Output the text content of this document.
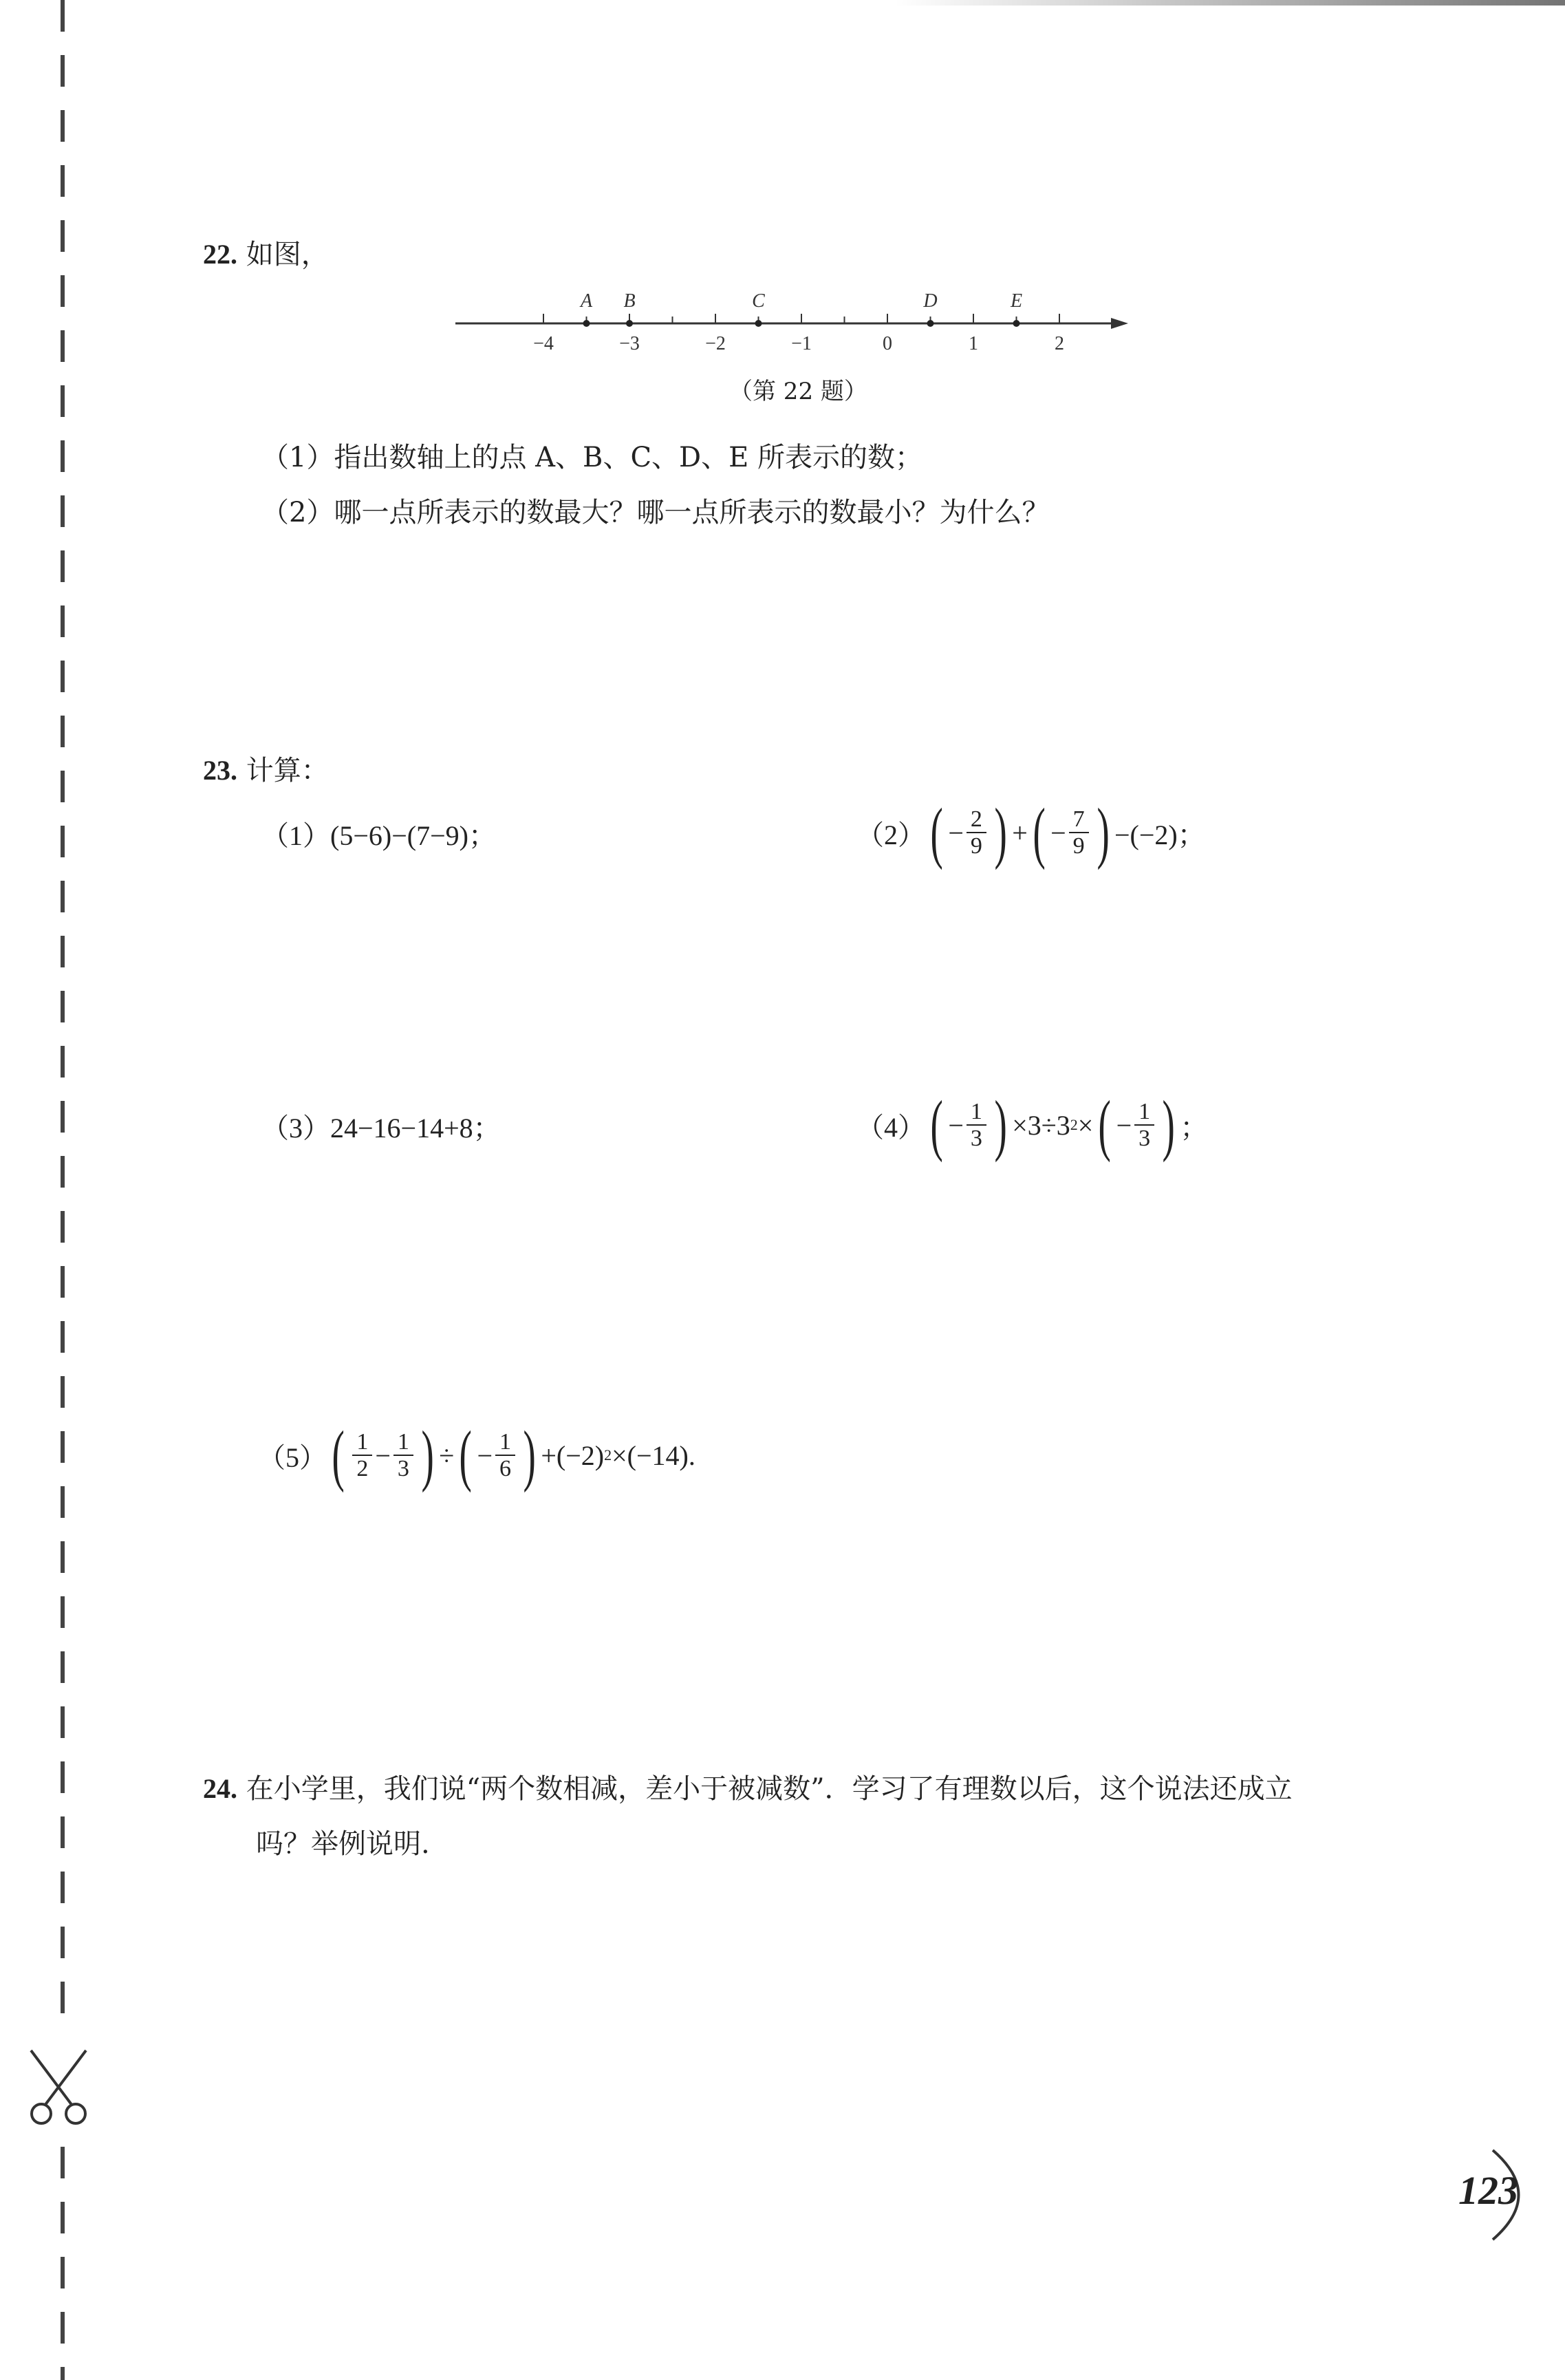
22. 如图，
−4	−3	−2	−1	0	1	2
A B	C	D	E
（第 22 题）
（1）指出数轴上的点 A、B、C、D、E 所表示的数；
（2）哪一点所表示的数最大？哪一点所表示的数最小？为什么？
23. 计算：
（1）(5−6)−(7−9)；	（2） ( − $\frac{2}{9}$ ) + ( − $\frac{7}{9}$ ) −(−2)；
（3）24−16−14+8；	（4） ( − $\frac{1}{3}$ ) ×3÷3 2 × ( − $\frac{1}{3}$ ) ；
（5） ( $\frac{1}{2} - \frac{1}{3}$ ) ÷ ( − $\frac{1}{6}$ ) +(−2) 2 ×(−14).
24. 在小学里，我们说“两个数相减，差小于被减数”．学习了有理数以后，这个说法还成立
吗？举例说明.
123
